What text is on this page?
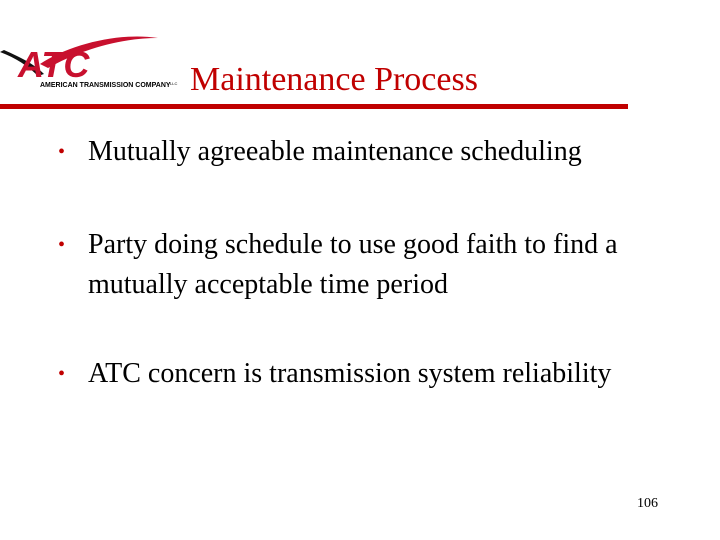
ATC
AMERICAN TRANSMISSION COMPANY LLC Maintenance Process
• Mutually agreeable maintenance scheduling
• Party doing schedule to use good faith to find a mutually acceptable time period
• ATC concern is transmission system reliability
106
